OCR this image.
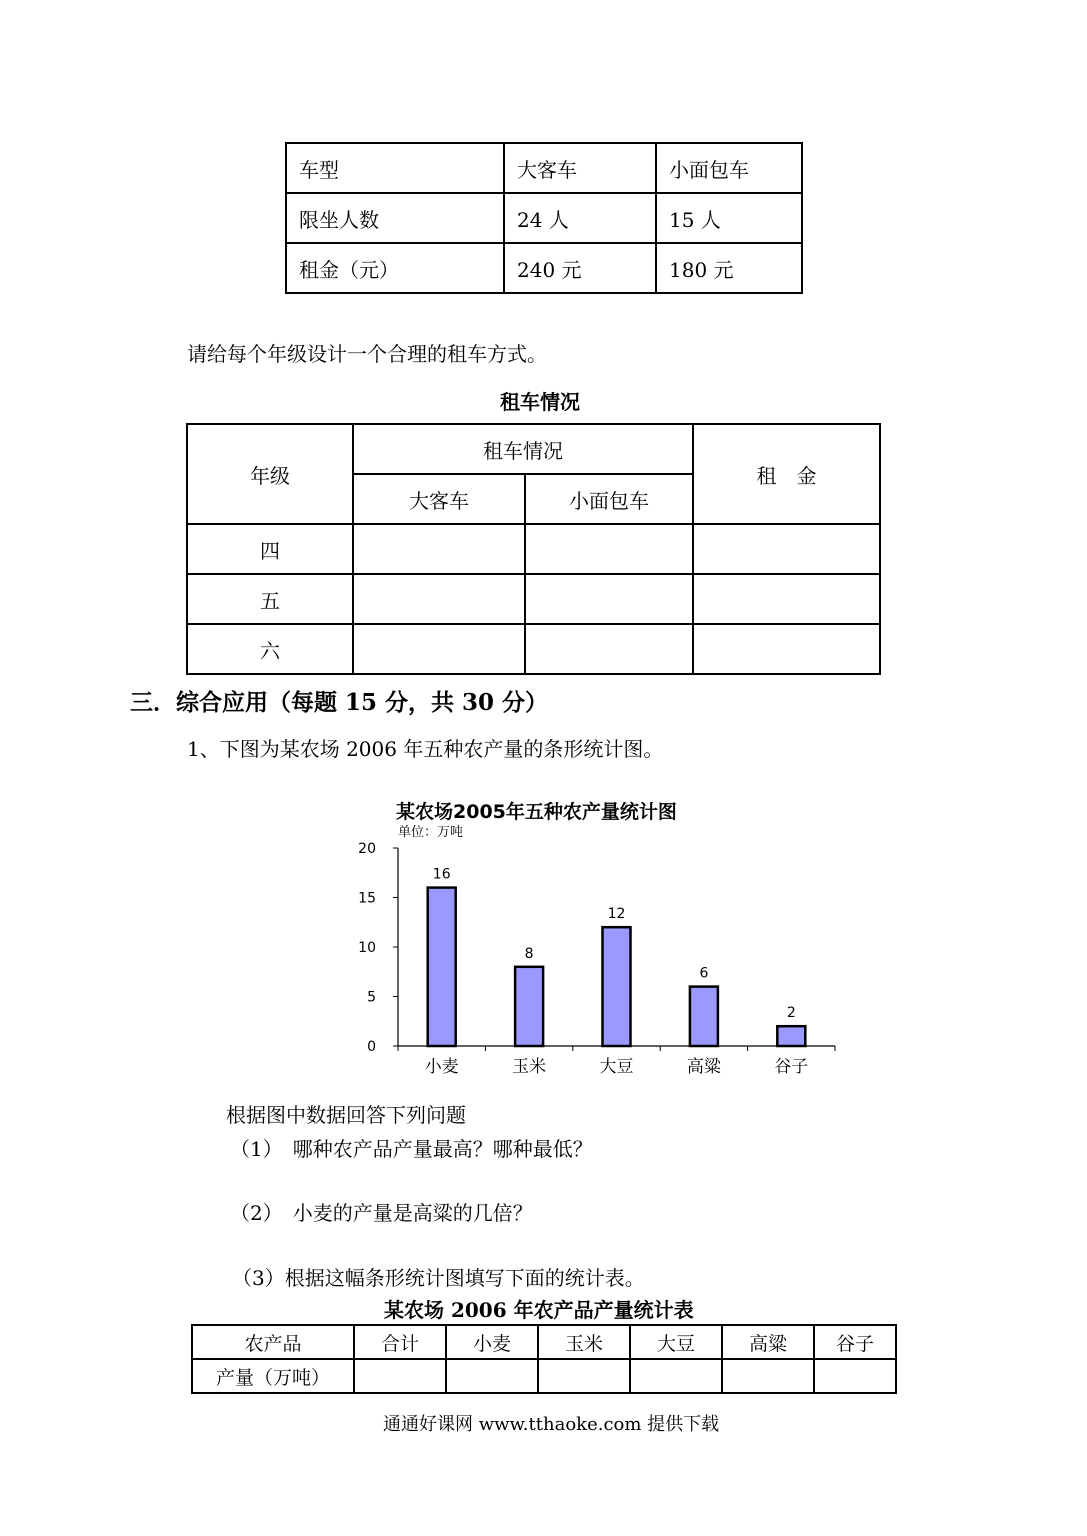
车型	大客车	小面包车
限坐人数	24 人	15 人
租金（元）	240 元	180 元
请给每个年级设计一个合理的租车方式。
租车情况
年级	租车情况		租　金
	大客车	小面包车	
四			
五			
六			
三．综合应用（每题 15 分，共 30 分）
1、下图为某农场 2006 年五种农产量的条形统计图。
某农场2005年五种农产量统计图
单位：万吨
0
5
10
15
20
16
小麦
8
玉米
12
大豆
6
高粱
2
谷子
根据图中数据回答下列问题
（1）　哪种农产品产量最高？哪种最低？
（2）　小麦的产量是高粱的几倍？
（3）根据这幅条形统计图填写下面的统计表。
某农场 2006 年农产品产量统计表
农产品	合计	小麦	玉米	大豆	高粱	谷子
产量（万吨）						
通通好课网 www.tthaoke.com 提供下载
